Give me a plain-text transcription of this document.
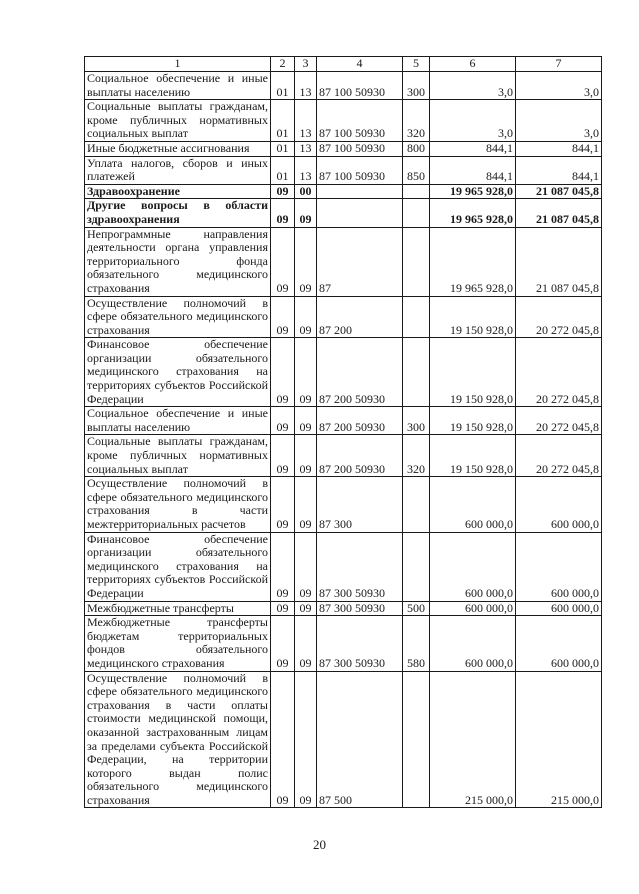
1	2	3	4	5	6	7
Социальное обеспечение и иные выплаты населению	01	13	87 100 50930	300	3,0	3,0
Социальные выплаты гражданам, кроме публичных нормативных социальных выплат	01	13	87 100 50930	320	3,0	3,0
Иные бюджетные ассигнования	01	13	87 100 50930	800	844,1	844,1
Уплата налогов, сборов и иных платежей	01	13	87 100 50930	850	844,1	844,1
Здравоохранение	09	00			19 965 928,0	21 087 045,8
Другие вопросы в области здравоохранения	09	09			19 965 928,0	21 087 045,8
Непрограммные направления деятельности органа управления территориального фонда обязательного медицинского страхования	09	09	87		19 965 928,0	21 087 045,8
Осуществление полномочий в сфере обязательного медицинского страхования	09	09	87 200		19 150 928,0	20 272 045,8
Финансовое обеспечение организации обязательного медицинского страхования на территориях субъектов Российской Федерации	09	09	87 200 50930		19 150 928,0	20 272 045,8
Социальное обеспечение и иные выплаты населению	09	09	87 200 50930	300	19 150 928,0	20 272 045,8
Социальные выплаты гражданам, кроме публичных нормативных социальных выплат	09	09	87 200 50930	320	19 150 928,0	20 272 045,8
Осуществление полномочий в сфере обязательного медицинского страхования в части межтерриториальных расчетов	09	09	87 300		600 000,0	600 000,0
Финансовое обеспечение организации обязательного медицинского страхования на территориях субъектов Российской Федерации	09	09	87 300 50930		600 000,0	600 000,0
Межбюджетные трансферты	09	09	87 300 50930	500	600 000,0	600 000,0
Межбюджетные трансферты бюджетам территориальных фондов обязательного медицинского страхования	09	09	87 300 50930	580	600 000,0	600 000,0
Осуществление полномочий в сфере обязательного медицинского страхования в части оплаты стоимости медицинской помощи, оказанной застрахованным лицам за пределами субъекта Российской Федерации, на территории которого выдан полис обязательного медицинского страхования	09	09	87 500		215 000,0	215 000,0
20
